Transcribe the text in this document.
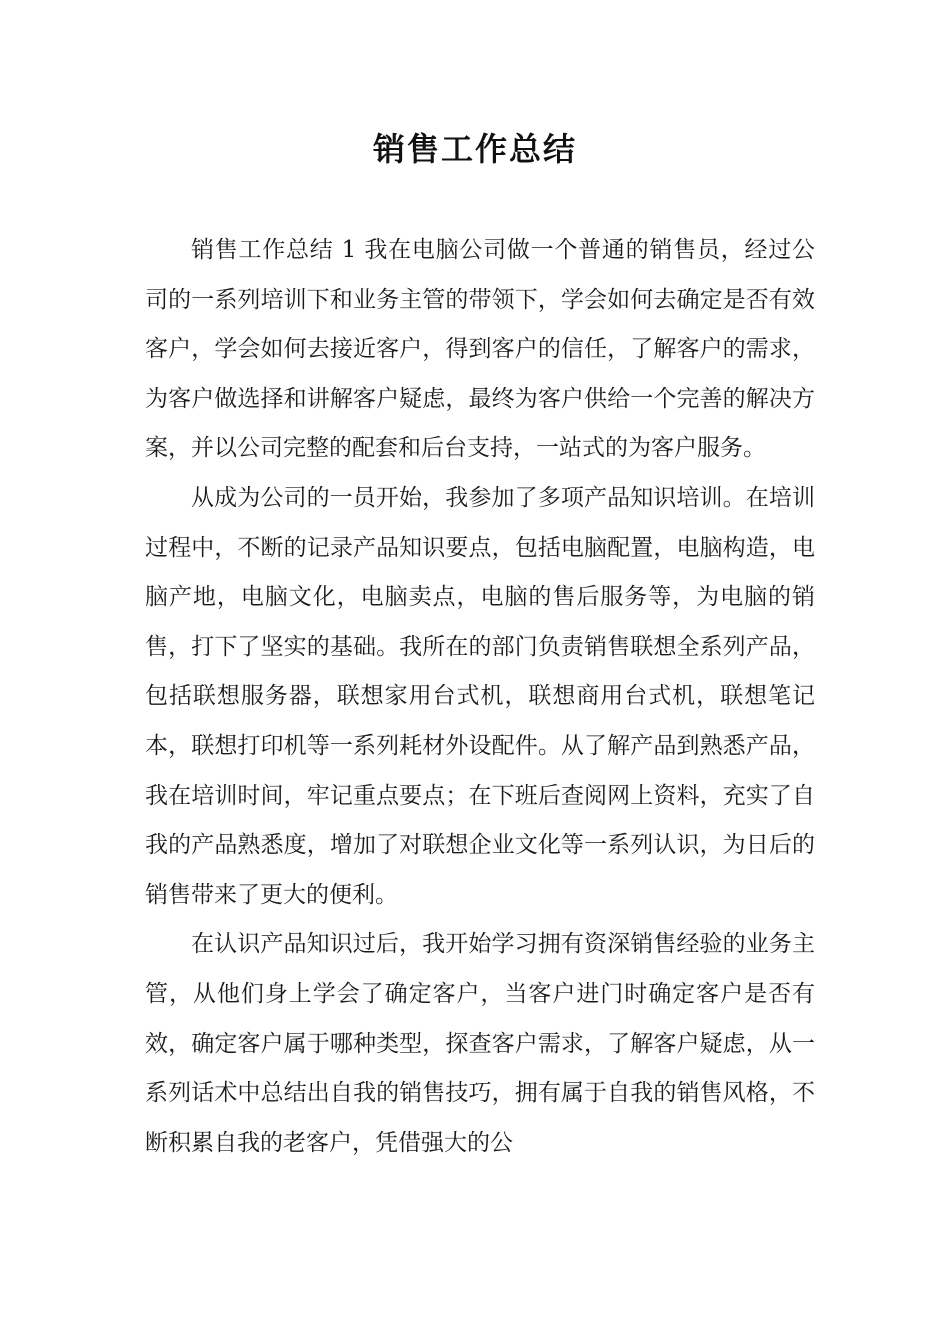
销售工作总结

销售工作总结 1 我在电脑公司做一个普通的销售员，经过公司的一系列培训下和业务主管的带领下，学会如何去确定是否有效客户，学会如何去接近客户，得到客户的信任，了解客户的需求，为客户做选择和讲解客户疑虑，最终为客户供给一个完善的解决方案，并以公司完整的配套和后台支持，一站式的为客户服务。

从成为公司的一员开始，我参加了多项产品知识培训。在培训过程中，不断的记录产品知识要点，包括电脑配置，电脑构造，电脑产地，电脑文化，电脑卖点，电脑的售后服务等，为电脑的销售，打下了坚实的基础。我所在的部门负责销售联想全系列产品，包括联想服务器，联想家用台式机，联想商用台式机，联想笔记本，联想打印机等一系列耗材外设配件。从了解产品到熟悉产品，我在培训时间，牢记重点要点；在下班后查阅网上资料，充实了自我的产品熟悉度，增加了对联想企业文化等一系列认识，为日后的销售带来了更大的便利。

在认识产品知识过后，我开始学习拥有资深销售经验的业务主管，从他们身上学会了确定客户，当客户进门时确定客户是否有效，确定客户属于哪种类型，探查客户需求，了解客户疑虑，从一系列话术中总结出自我的销售技巧，拥有属于自我的销售风格，不断积累自我的老客户，凭借强大的公
